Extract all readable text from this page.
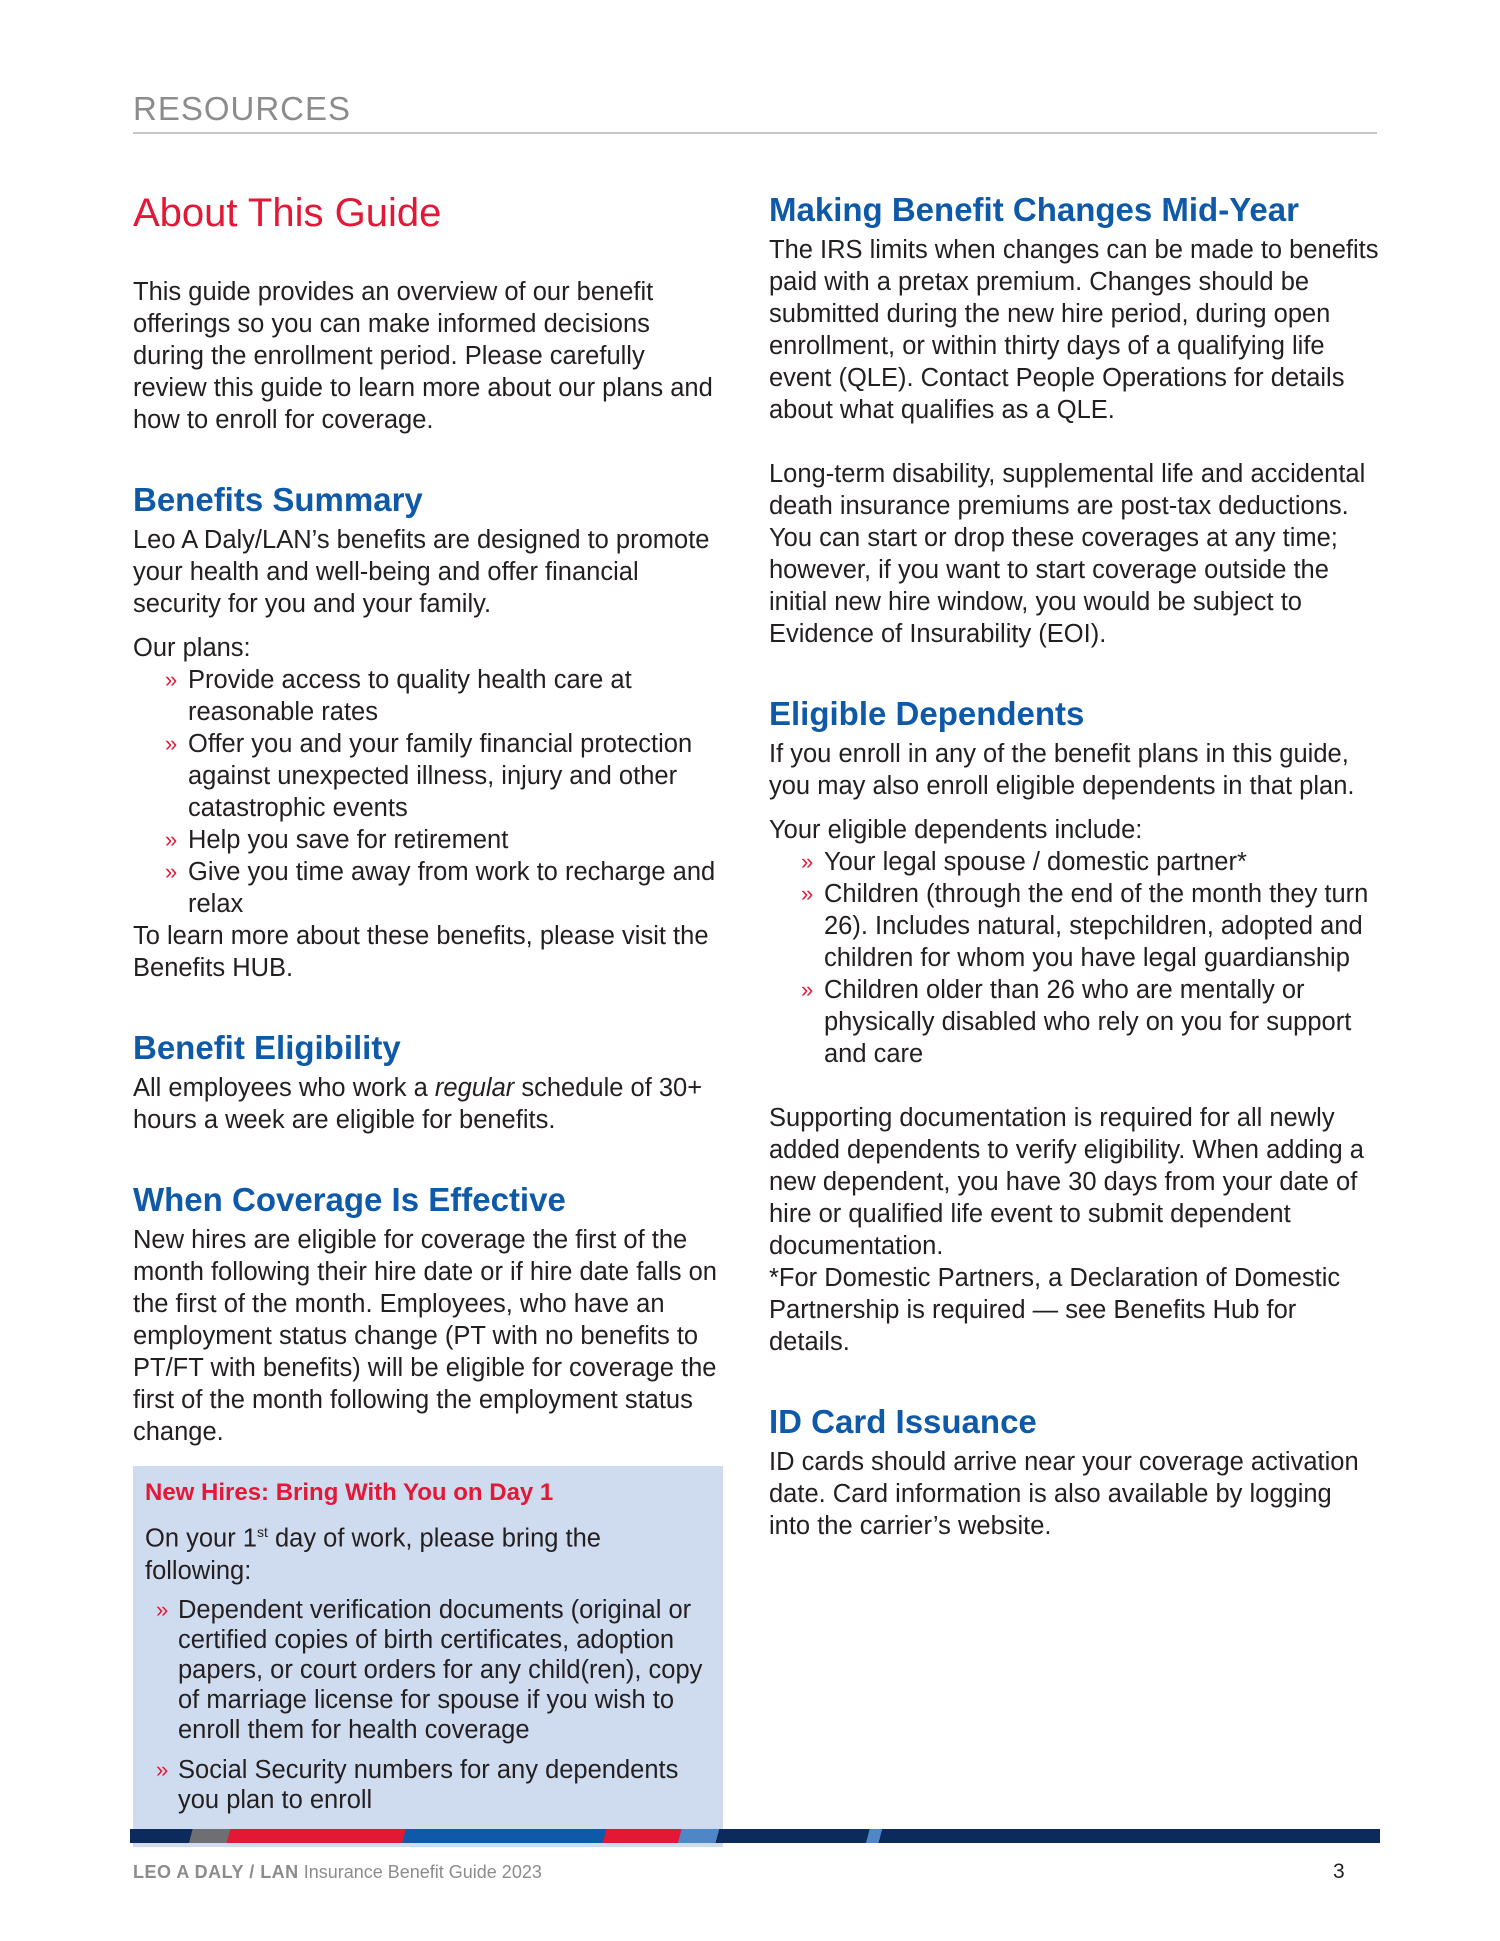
RESOURCES
About This Guide

This guide provides an overview of our benefit offerings so you can make informed decisions during the enrollment period. Please carefully review this guide to learn more about our plans and how to enroll for coverage.

Benefits Summary

Leo A Daly/LAN’s benefits are designed to promote your health and well-being and offer financial security for you and your family.

Our plans:

» Provide access to quality health care at reasonable rates
» Offer you and your family financial protection against unexpected illness, injury and other catastrophic events
» Help you save for retirement
» Give you time away from work to recharge and relax

To learn more about these benefits, please visit the Benefits HUB.

Benefit Eligibility

All employees who work a regular schedule of 30+ hours a week are eligible for benefits.

When Coverage Is Effective

New hires are eligible for coverage the first of the month following their hire date or if hire date falls on the first of the month. Employees, who have an employment status change (PT with no benefits to PT/FT with benefits) will be eligible for coverage the first of the month following the employment status change.

New Hires: Bring With You on Day 1

On your 1st day of work, please bring the following:

» Dependent verification documents (original or certified copies of birth certificates, adoption papers, or court orders for any child(ren), copy of marriage license for spouse if you wish to enroll them for health coverage
» Social Security numbers for any dependents you plan to enroll
Making Benefit Changes Mid-Year

The IRS limits when changes can be made to benefits paid with a pretax premium. Changes should be submitted during the new hire period, during open enrollment, or within thirty days of a qualifying life event (QLE). Contact People Operations for details about what qualifies as a QLE.

Long-term disability, supplemental life and accidental death insurance premiums are post-tax deductions. You can start or drop these coverages at any time; however, if you want to start coverage outside the initial new hire window, you would be subject to Evidence of Insurability (EOI).

Eligible Dependents

If you enroll in any of the benefit plans in this guide, you may also enroll eligible dependents in that plan.

Your eligible dependents include:

» Your legal spouse / domestic partner*
» Children (through the end of the month they turn 26). Includes natural, stepchildren, adopted and children for whom you have legal guardianship
» Children older than 26 who are mentally or physically disabled who rely on you for support and care

Supporting documentation is required for all newly added dependents to verify eligibility. When adding a new dependent, you have 30 days from your date of hire or qualified life event to submit dependent documentation.

*For Domestic Partners, a Declaration of Domestic Partnership is required — see Benefits Hub for details.

ID Card Issuance

ID cards should arrive near your coverage activation date. Card information is also available by logging into the carrier’s website.

LEO A DALY / LAN Insurance Benefit Guide 2023	3
